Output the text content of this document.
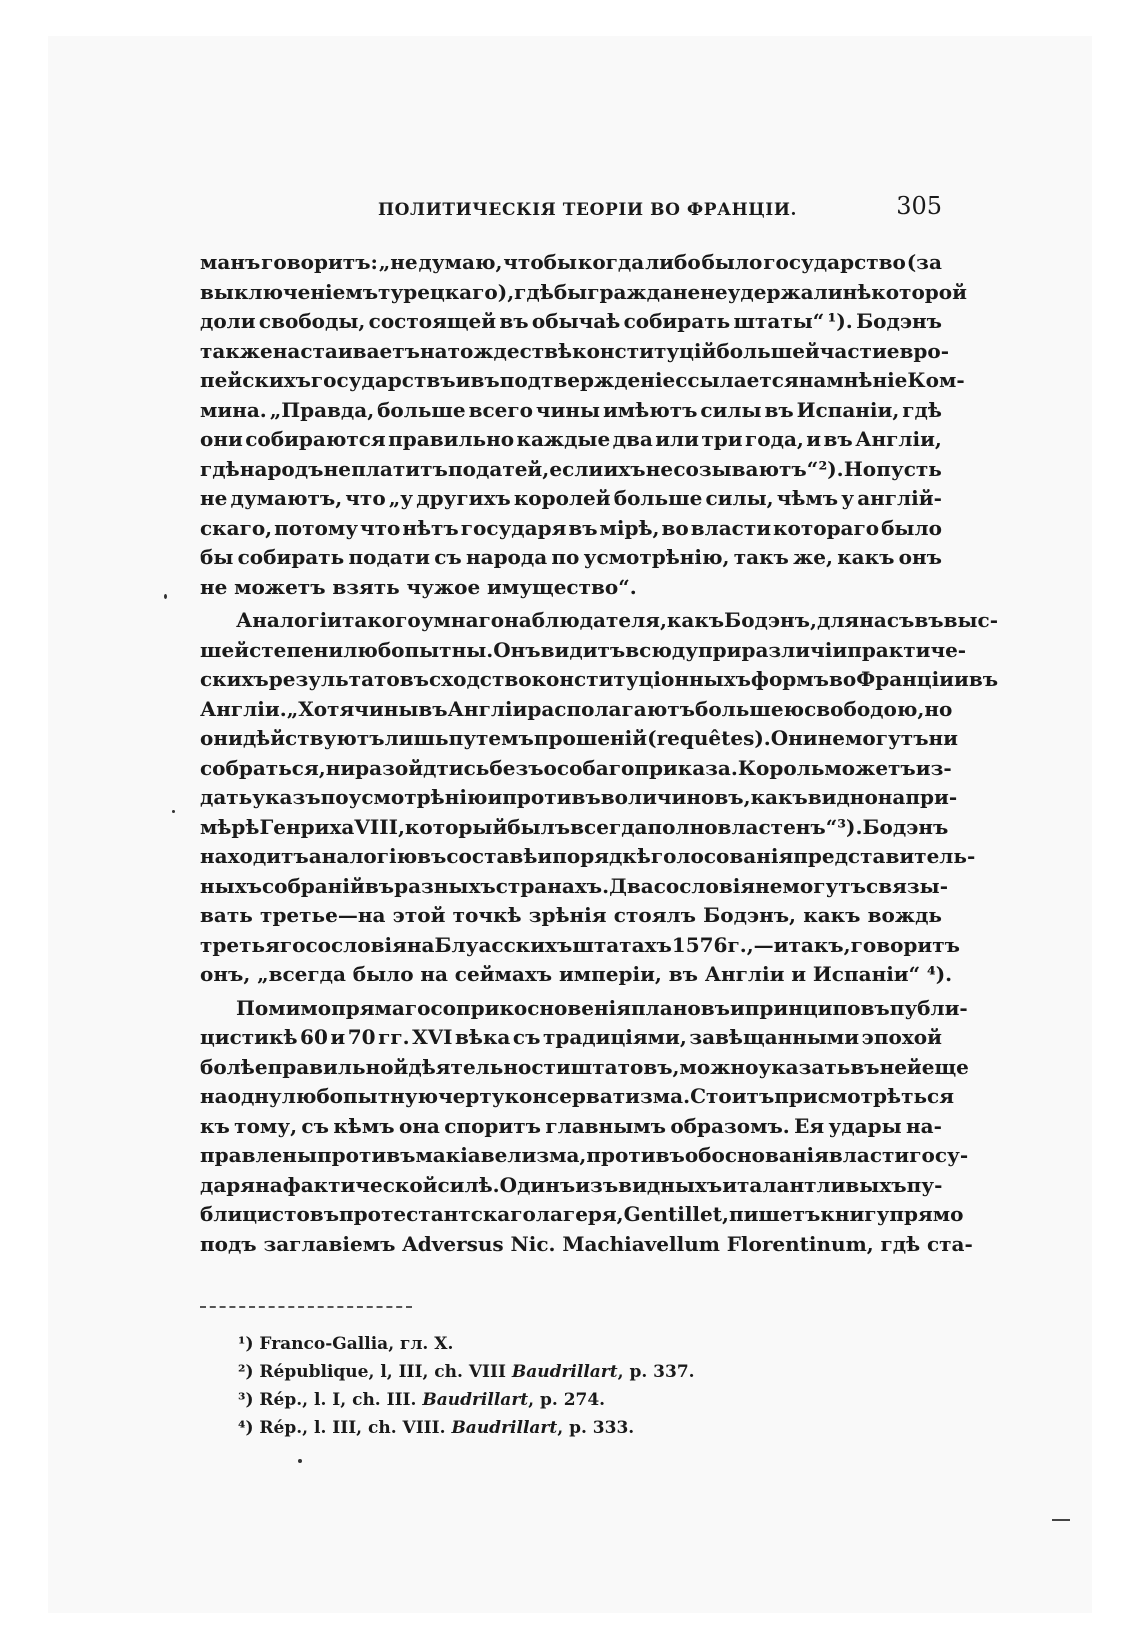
ПОЛИТИЧЕСКІЯ ТЕОРІИ ВО ФРАНЦІИ.	305
манъ говоритъ: „не думаю, чтобы когда либо было государство (за
выключеніемъ турецкаго), гдѣ бы граждане не удержали нѣкоторой
доли свободы, состоящей въ обычаѣ собирать штаты“ ¹). Бодэнъ
также настаиваетъ на тождествѣ конституцій большей части евро-
пейскихъ государствъ и въ подтвержденіе ссылается на мнѣніе Ком-
мина. „Правда, больше всего чины имѣютъ силы въ Испаніи, гдѣ
они собираются правильно каждые два или три года, и въ Англіи,
гдѣ народъ не платитъ податей, если ихъ не созываютъ“ ²). Но пусть
не думаютъ, что „у другихъ королей больше силы, чѣмъ у англій-
скаго, потому что нѣтъ государя въ мірѣ, во власти котораго было
бы собирать подати съ народа по усмотрѣнію, такъ же, какъ онъ
не можетъ взять чужое имущество“.
Аналогіи такого умнаго наблюдателя, какъ Бодэнъ, для насъ въ выс-
шей степени любопытны. Онъ видитъ всюду при различіи практиче-
скихъ результатовъ сходство конституціонныхъ формъ во Франціи и въ
Англіи. „Хотя чины въ Англіи располагаютъ большею свободою, но
они дѣйствуютъ лишь путемъ прошеній (requêtes). Они не могутъ ни
собраться, ни разойдтись безъ особаго приказа. Король можетъ из-
дать указъ по усмотрѣнію и противъ воли чиновъ, какъ видно на при-
мѣрѣ Генриха VIII, который былъ всегда полновластенъ“ ³). Бодэнъ
находитъ аналогію въ составѣ и порядкѣ голосованія представитель-
ныхъ собраній въ разныхъ странахъ. Два сословія не могутъ связы-
вать третье—на этой точкѣ зрѣнія стоялъ Бодэнъ, какъ вождь
третьяго сословія на Блуасскихъ штатахъ 1576 г.,—и такъ, говоритъ
онъ, „всегда было на сеймахъ имперіи, въ Англіи и Испаніи“ ⁴).
Помимо прямаго соприкосновенія плановъ и принциповъ публи-
цистикѣ 60 и 70 гг. XVI вѣка съ традиціями, завѣщанными эпохой
болѣе правильной дѣятельности штатовъ, можно указать въ ней еще
на одну любопытную черту консерватизма. Стоитъ присмотрѣться
къ тому, съ кѣмъ она споритъ главнымъ образомъ. Ея удары на-
правлены противъ макіавелизма, противъ обоснованія власти госу-
даря на фактической силѣ. Одинъ изъ видныхъ и талантливыхъ пу-
блицистовъ протестантскаго лагеря, Gentillet, пишетъ книгу прямо
подъ заглавіемъ Adversus Nic. Machiavellum Florentinum, гдѣ ста-
¹) Franco-Gallia, гл. X.
²) République, l, III, ch. VIII Baudrillart, p. 337.
³) Rép., l. I, ch. III. Baudrillart, p. 274.
⁴) Rép., l. III, ch. VIII. Baudrillart, p. 333.
